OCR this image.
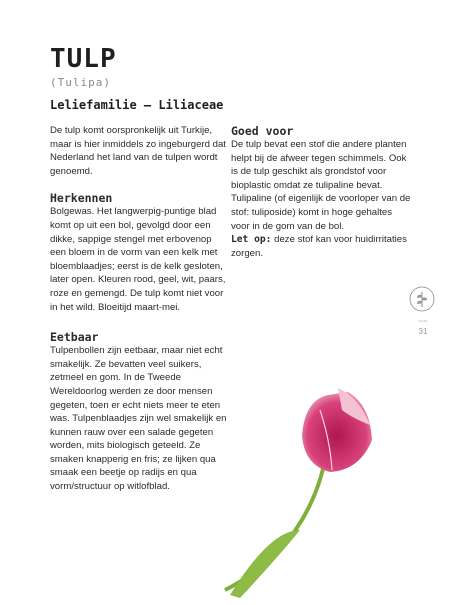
TULP
(Tulipa)
Leliefamilie – Liliaceae

De tulp komt oorspronkelijk uit Turkije, maar is hier inmiddels zo ingeburgerd dat Nederland het land van de tulpen wordt genoemd.

Herkennen

Bolgewas. Het langwerpig-puntige blad komt op uit een bol, gevolgd door een dikke, sappige stengel met erbovenop een bloem in de vorm van een kelk met bloemblaadjes; eerst is de kelk gesloten, later open. Kleuren rood, geel, wit, paars, roze en gemengd. De tulp komt niet voor in het wild. Bloeitijd maart-mei.

Eetbaar

Tulpenbollen zijn eetbaar, maar niet echt smakelijk. Ze bevatten veel suikers, zetmeel en gom. In de Tweede Wereldoorlog werden ze door mensen gegeten, toen er echt niets meer te eten was. Tulpenblaadjes zijn wel smakelijk en kunnen rauw over een salade gegeten worden, mits biologisch geteeld. Ze smaken knapperig en fris; ze lijken qua smaak een beetje op radijs en qua vorm/structuur op witlofblad.

Goed voor

De tulp bevat een stof die andere planten helpt bij de afweer tegen schimmels. Ook is de tulp geschikt als grondstof voor bioplastic omdat ze tulipaline bevat. Tulipaline (of eigenlijk de voorloper van de stof: tuliposide) komt in hoge gehaltes voor in de gom van de bol.

Let op: deze stof kan voor huidirritaties zorgen.

~~
31
